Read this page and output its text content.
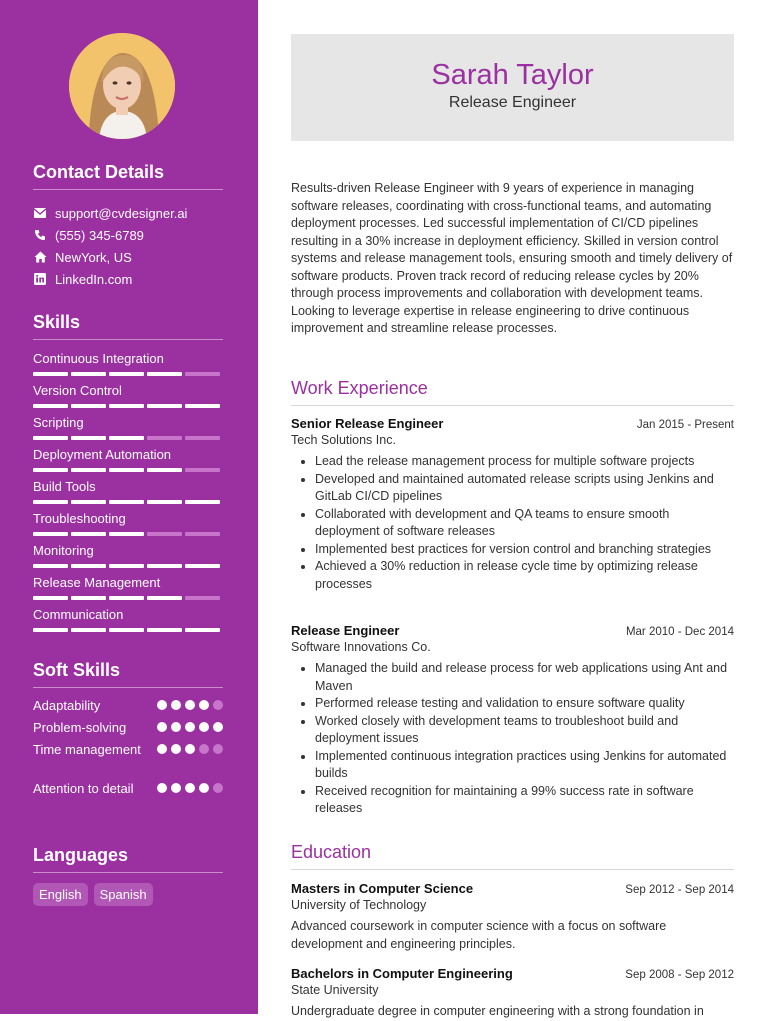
Contact Details
support@cvdesigner.ai
(555) 345-6789
NewYork, US
LinkedIn.com
Skills
Continuous Integration
Version Control
Scripting
Deployment Automation
Build Tools
Troubleshooting
Monitoring
Release Management
Communication
Soft Skills
Adaptability
Problem-solving
Time management
Attention to detail
Languages
English	Spanish
Sarah Taylor
Release Engineer
Results-driven Release Engineer with 9 years of experience in managing software releases, coordinating with cross-functional teams, and automating deployment processes. Led successful implementation of CI/CD pipelines resulting in a 30% increase in deployment efficiency. Skilled in version control systems and release management tools, ensuring smooth and timely delivery of software products. Proven track record of reducing release cycles by 20% through process improvements and collaboration with development teams. Looking to leverage expertise in release engineering to drive continuous improvement and streamline release processes.
Work Experience
Senior Release Engineer	Jan 2015 - Present
Tech Solutions Inc.
• Lead the release management process for multiple software projects
• Developed and maintained automated release scripts using Jenkins and GitLab CI/CD pipelines
• Collaborated with development and QA teams to ensure smooth deployment of software releases
• Implemented best practices for version control and branching strategies
• Achieved a 30% reduction in release cycle time by optimizing release processes
Release Engineer	Mar 2010 - Dec 2014
Software Innovations Co.
• Managed the build and release process for web applications using Ant and Maven
• Performed release testing and validation to ensure software quality
• Worked closely with development teams to troubleshoot build and deployment issues
• Implemented continuous integration practices using Jenkins for automated builds
• Received recognition for maintaining a 99% success rate in software releases
Education
Masters in Computer Science	Sep 2012 - Sep 2014
University of Technology
Advanced coursework in computer science with a focus on software development and engineering principles.
Bachelors in Computer Engineering	Sep 2008 - Sep 2012
State University
Undergraduate degree in computer engineering with a strong foundation in
